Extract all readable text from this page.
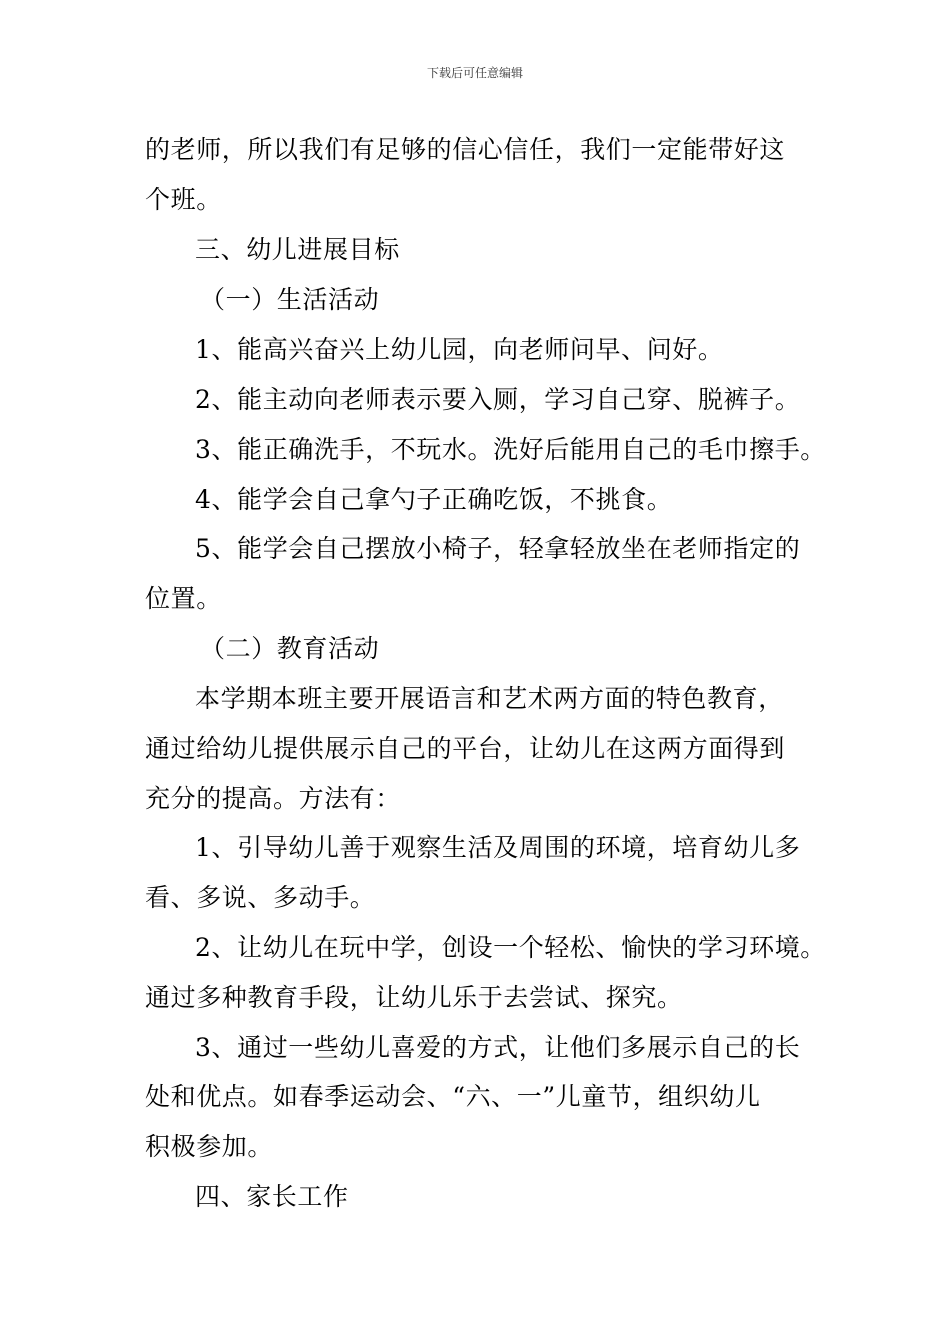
下载后可任意编辑
的老师，所以我们有足够的信心信任，我们一定能带好这
个班。
三、幼儿进展目标
（一）生活活动
1、能高兴奋兴上幼儿园，向老师问早、问好。
2、能主动向老师表示要入厕，学习自己穿、脱裤子。
3、能正确洗手，不玩水。洗好后能用自己的毛巾擦手。
4、能学会自己拿勺子正确吃饭，不挑食。
5、能学会自己摆放小椅子，轻拿轻放坐在老师指定的
位置。
（二）教育活动
本学期本班主要开展语言和艺术两方面的特色教育，
通过给幼儿提供展示自己的平台，让幼儿在这两方面得到
充分的提高。方法有：
1、引导幼儿善于观察生活及周围的环境，培育幼儿多
看、多说、多动手。
2、让幼儿在玩中学，创设一个轻松、愉快的学习环境。
通过多种教育手段，让幼儿乐于去尝试、探究。
3、通过一些幼儿喜爱的方式，让他们多展示自己的长
处和优点。如春季运动会、“六、一”儿童节，组织幼儿
积极参加。
四、家长工作
